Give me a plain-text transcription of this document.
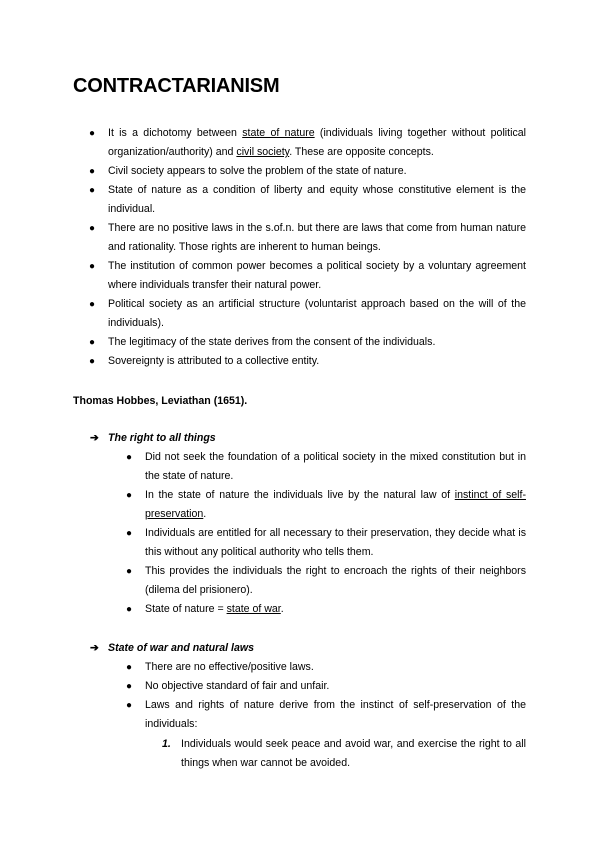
CONTRACTARIANISM
● It is a dichotomy between state of nature (individuals living together without political organization/authority) and civil society. These are opposite concepts.
● Civil society appears to solve the problem of the state of nature.
● State of nature as a condition of liberty and equity whose constitutive element is the individual.
● There are no positive laws in the s.of.n. but there are laws that come from human nature and rationality. Those rights are inherent to human beings.
● The institution of common power becomes a political society by a voluntary agreement where individuals transfer their natural power.
● Political society as an artificial structure (voluntarist approach based on the will of the individuals).
● The legitimacy of the state derives from the consent of the individuals.
● Sovereignty is attributed to a collective entity.

Thomas Hobbes, Leviathan (1651).

➔ The right to all things

● Did not seek the foundation of a political society in the mixed constitution but in the state of nature.
● In the state of nature the individuals live by the natural law of instinct of self-preservation.
● Individuals are entitled for all necessary to their preservation, they decide what is this without any political authority who tells them.
● This provides the individuals the right to encroach the rights of their neighbors (dilema del prisionero).
● State of nature = state of war.

➔ State of war and natural laws

● There are no effective/positive laws.
● No objective standard of fair and unfair.
● Laws and rights of nature derive from the instinct of self-preservation of the individuals:
1. Individuals would seek peace and avoid war, and exercise the right to all things when war cannot be avoided.
